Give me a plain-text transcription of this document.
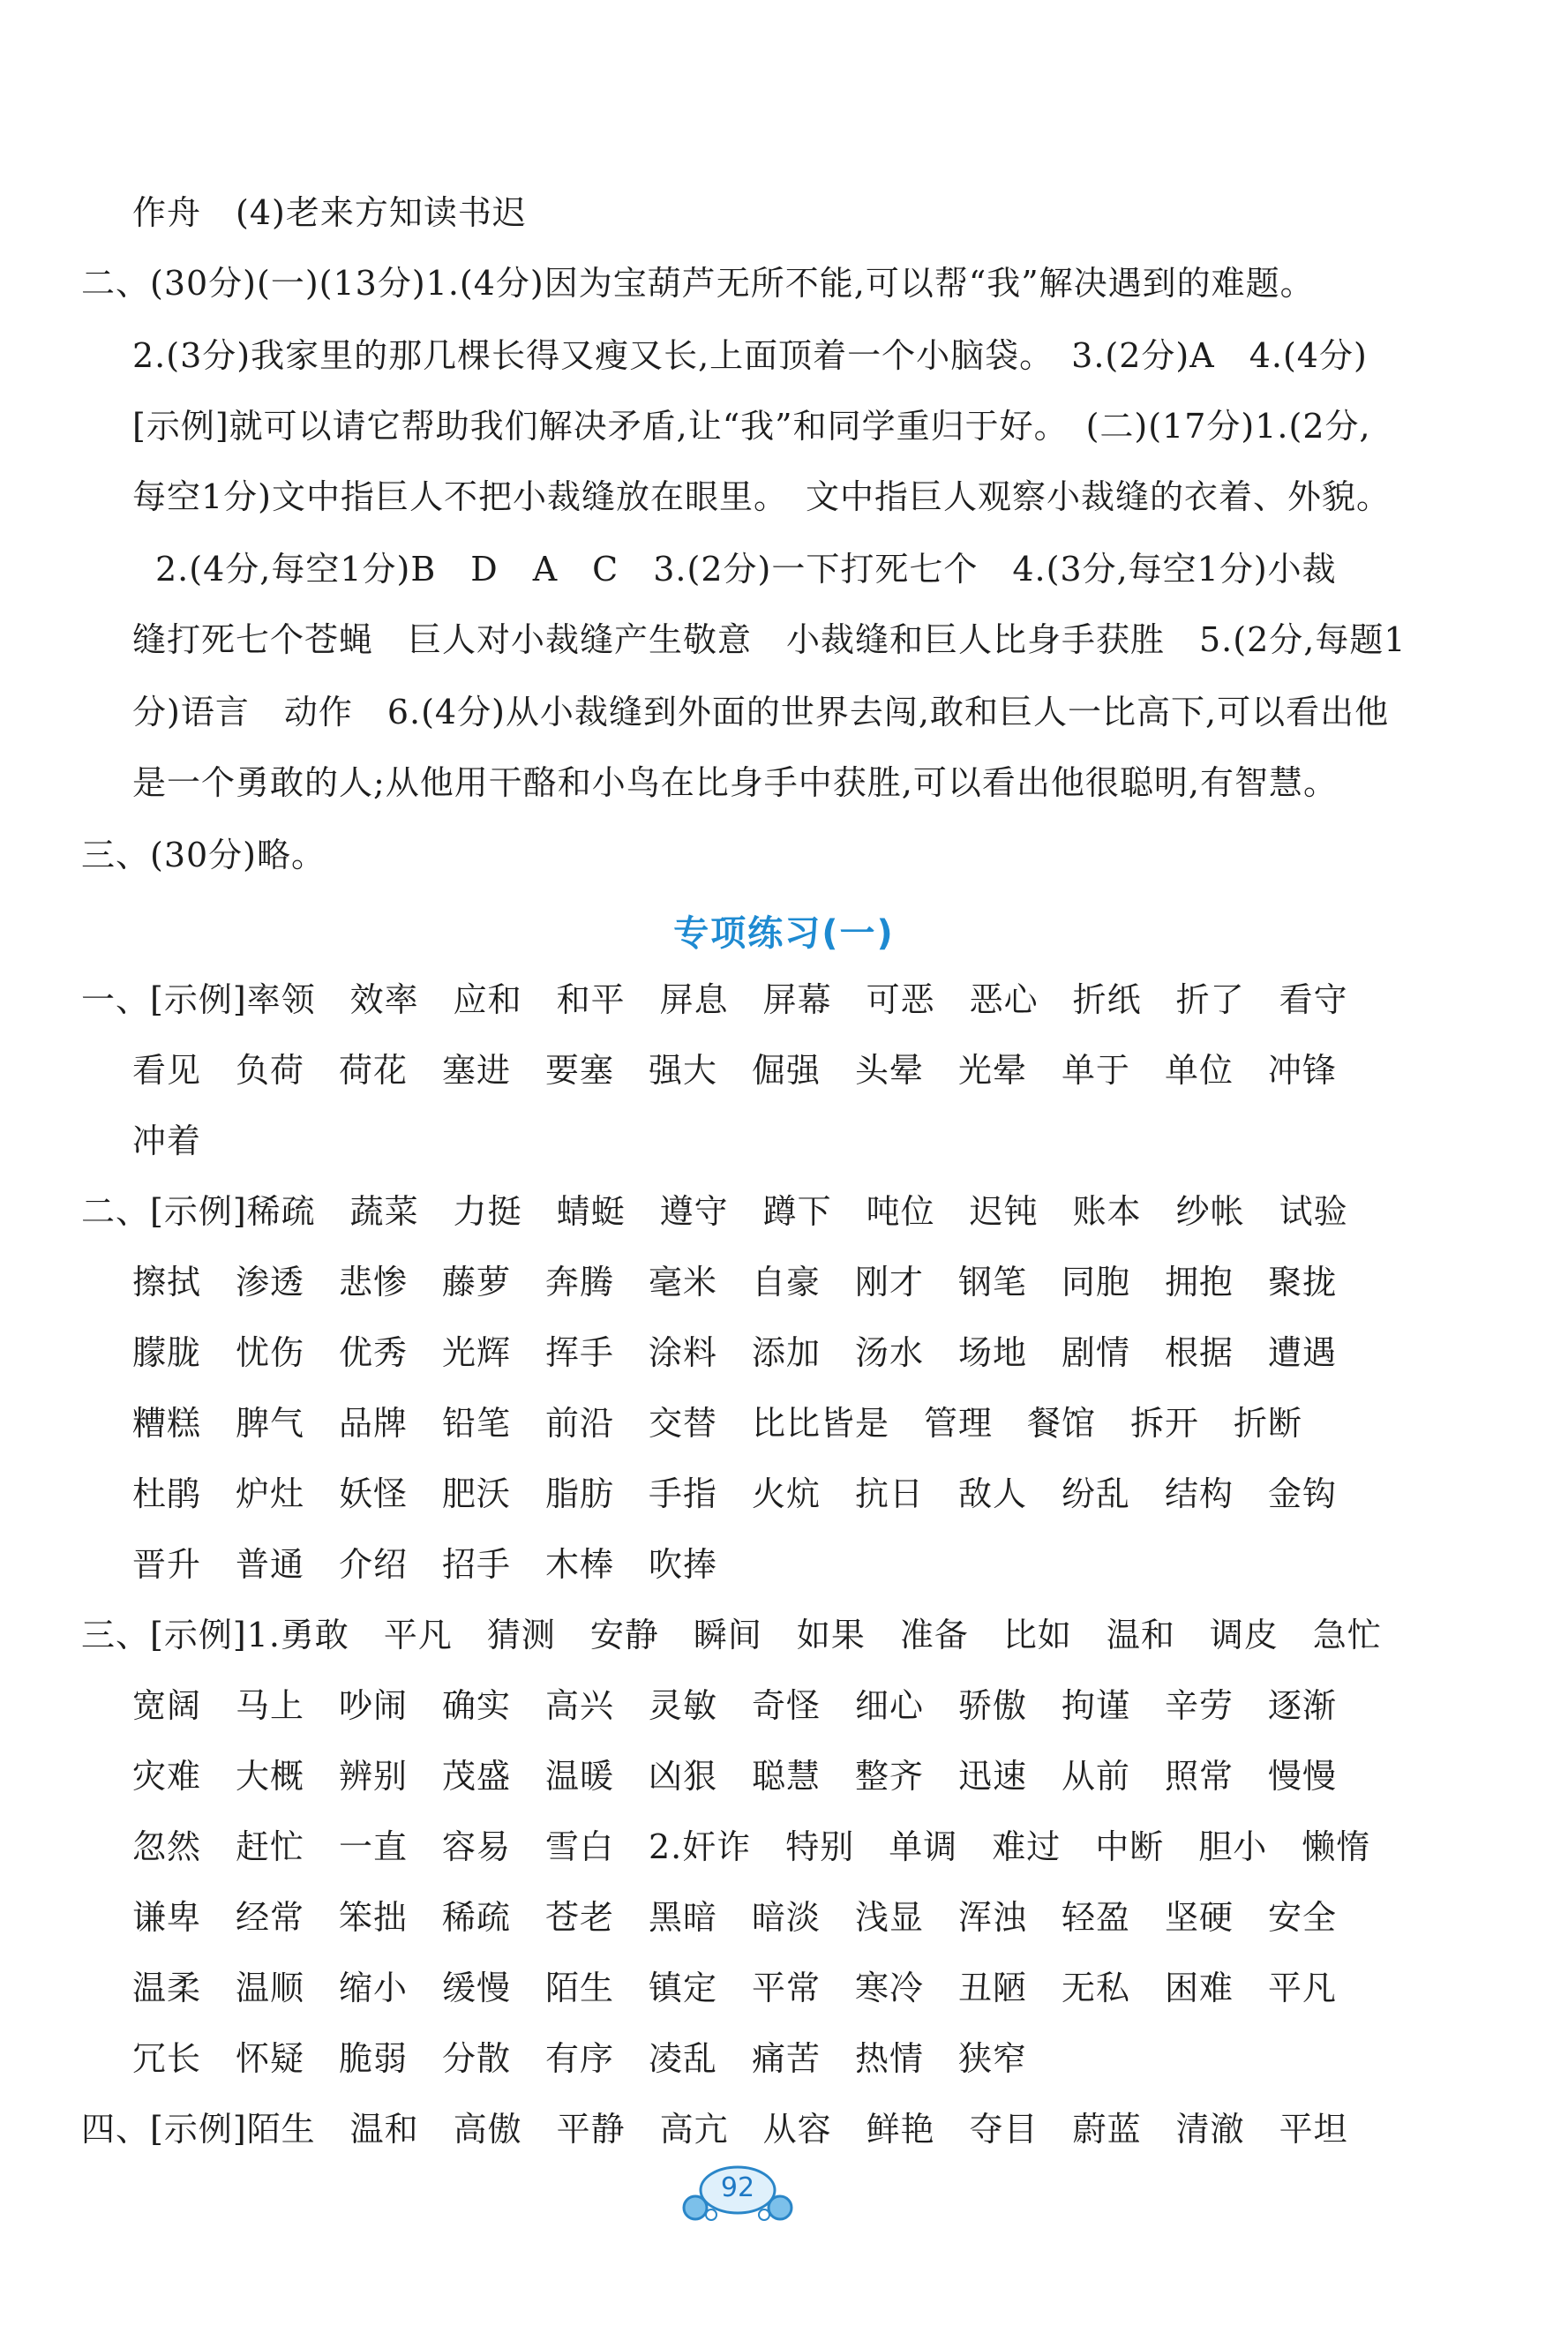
作舟　(4)老来方知读书迟
二、(30分)(一)(13分)1.(4分)因为宝葫芦无所不能,可以帮“我”解决遇到的难题。
2.(3分)我家里的那几棵长得又瘦又长,上面顶着一个小脑袋。　3.(2分)A　4.(4分)
[示例]就可以请它帮助我们解决矛盾,让“我”和同学重归于好。　(二)(17分)1.(2分,
每空1分)文中指巨人不把小裁缝放在眼里。　文中指巨人观察小裁缝的衣着、外貌。
2.(4分,每空1分)B　D　A　C　3.(2分)一下打死七个　4.(3分,每空1分)小裁
缝打死七个苍蝇　巨人对小裁缝产生敬意　小裁缝和巨人比身手获胜　5.(2分,每题1
分)语言　动作　6.(4分)从小裁缝到外面的世界去闯,敢和巨人一比高下,可以看出他
是一个勇敢的人;从他用干酪和小鸟在比身手中获胜,可以看出他很聪明,有智慧。
三、(30分)略。
专项练习(一)
一、[示例]率领　效率　应和　和平　屏息　屏幕　可恶　恶心　折纸　折了　看守
看见　负荷　荷花　塞进　要塞　强大　倔强　头晕　光晕　单于　单位　冲锋
冲着
二、[示例]稀疏　蔬菜　力挺　蜻蜓　遵守　蹲下　吨位　迟钝　账本　纱帐　试验
擦拭　渗透　悲惨　藤萝　奔腾　毫米　自豪　刚才　钢笔　同胞　拥抱　聚拢
朦胧　忧伤　优秀　光辉　挥手　涂料　添加　汤水　场地　剧情　根据　遭遇
糟糕　脾气　品牌　铅笔　前沿　交替　比比皆是　管理　餐馆　拆开　折断
杜鹃　炉灶　妖怪　肥沃　脂肪　手指　火炕　抗日　敌人　纷乱　结构　金钩
晋升　普通　介绍　招手　木棒　吹捧
三、[示例]1.勇敢　平凡　猜测　安静　瞬间　如果　准备　比如　温和　调皮　急忙
宽阔　马上　吵闹　确实　高兴　灵敏　奇怪　细心　骄傲　拘谨　辛劳　逐渐
灾难　大概　辨别　茂盛　温暖　凶狠　聪慧　整齐　迅速　从前　照常　慢慢
忽然　赶忙　一直　容易　雪白　2.奸诈　特别　单调　难过　中断　胆小　懒惰
谦卑　经常　笨拙　稀疏　苍老　黑暗　暗淡　浅显　浑浊　轻盈　坚硬　安全
温柔　温顺　缩小　缓慢　陌生　镇定　平常　寒冷　丑陋　无私　困难　平凡
冗长　怀疑　脆弱　分散　有序　凌乱　痛苦　热情　狭窄
四、[示例]陌生　温和　高傲　平静　高亢　从容　鲜艳　夺目　蔚蓝　清澈　平坦
92
